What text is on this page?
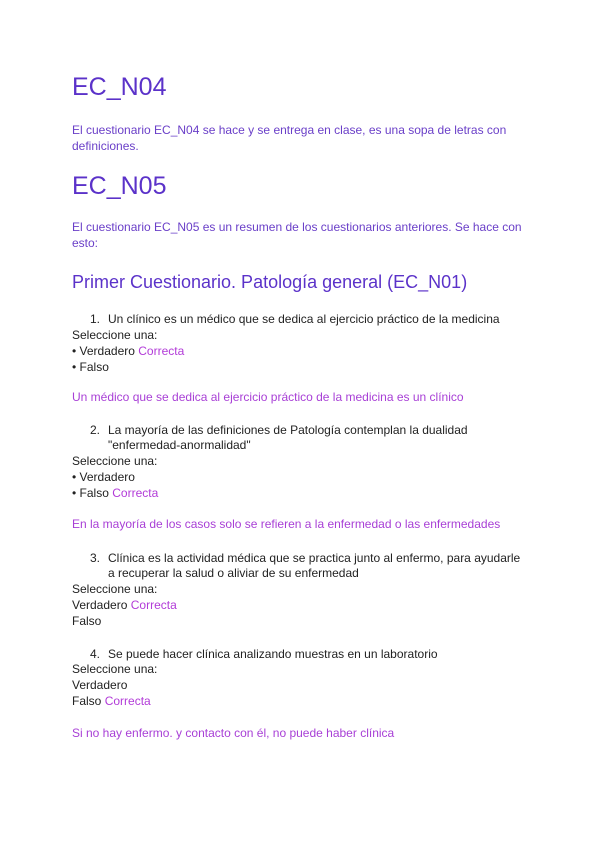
EC_N04

El cuestionario EC_N04 se hace y se entrega en clase, es una sopa de letras con

definiciones.

EC_N05

El cuestionario EC_N05 es un resumen de los cuestionarios anteriores. Se hace con

esto:

Primer Cuestionario. Patología general (EC_N01)

1. Un clínico es un médico que se dedica al ejercicio práctico de la medicina

Seleccione una:

• Verdadero Correcta

• Falso

Un médico que se dedica al ejercicio práctico de la medicina es un clínico

2. La mayoría de las definiciones de Patología contemplan la dualidad

"enfermedad-anormalidad"

Seleccione una:

• Verdadero

• Falso Correcta

En la mayoría de los casos solo se refieren a la enfermedad o las enfermedades

3. Clínica es la actividad médica que se practica junto al enfermo, para ayudarle

a recuperar la salud o aliviar de su enfermedad

Seleccione una:

Verdadero Correcta

Falso

4. Se puede hacer clínica analizando muestras en un laboratorio

Seleccione una:

Verdadero

Falso Correcta

Si no hay enfermo. y contacto con él, no puede haber clínica
